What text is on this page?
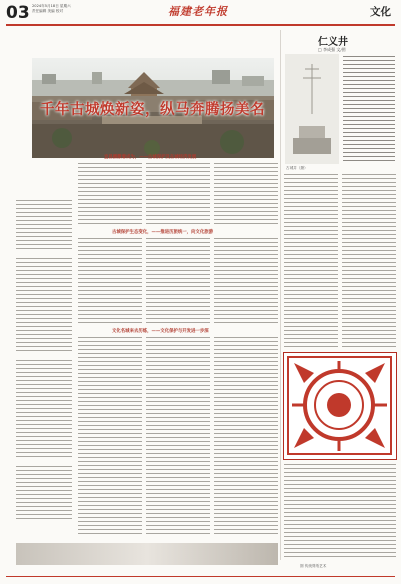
03 2024年5月18日 星期六
责任编辑 美编 校对	福建老年报	文化
千年古城焕新姿，纵马奔腾扬美名
宜昌播撒着成为，——古城保护及在城经济发展
古城保护生态变化，——推进历旅统一，向文化旅游
文化名城来去历练，——文化保护与开发进一步深
仁义井
□ 李成强 文/图
古城井（摄）
图 传统剪纸艺术
